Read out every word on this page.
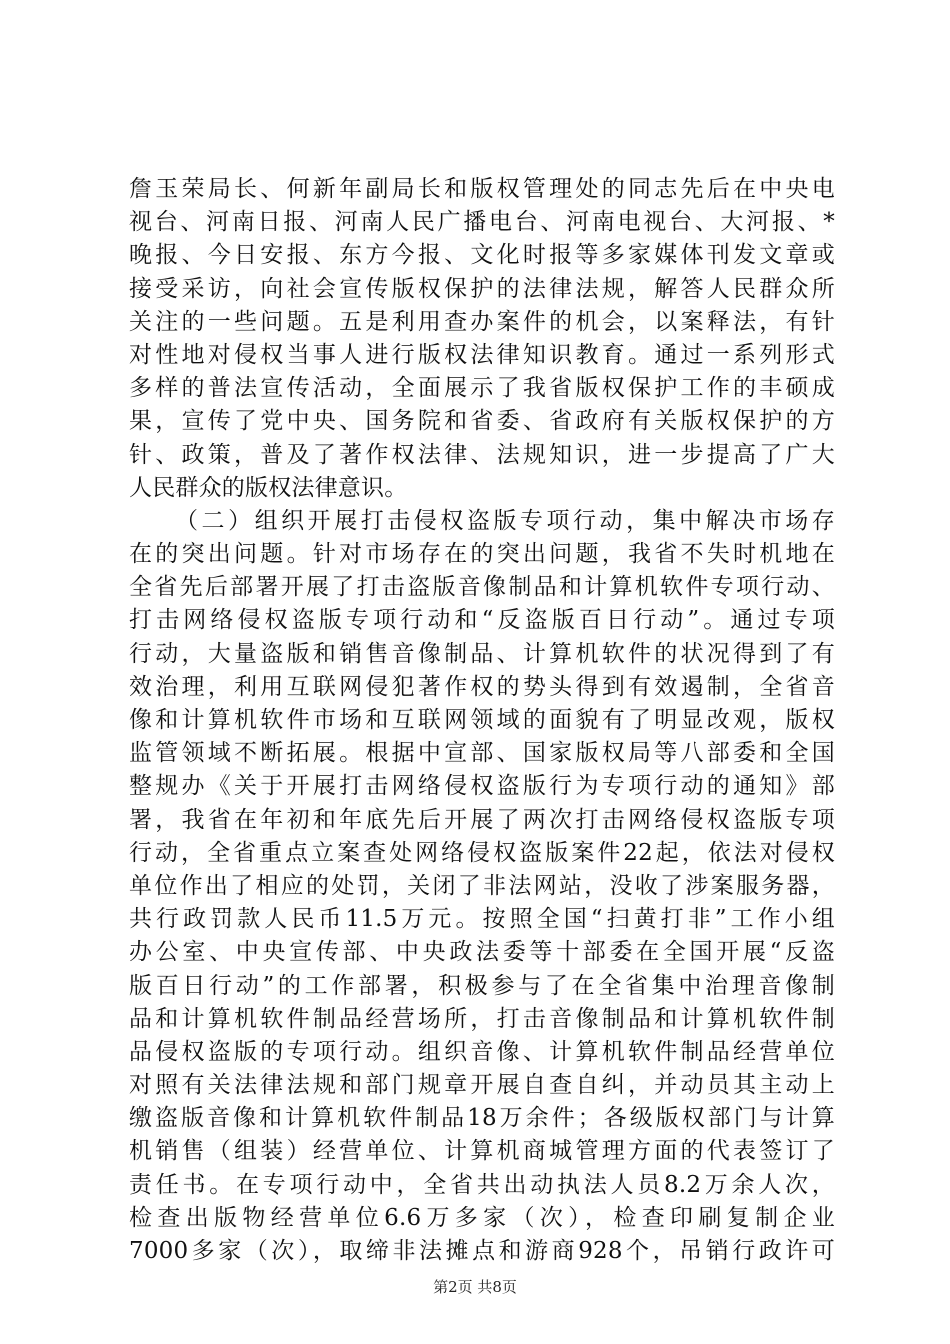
詹玉荣局长、何新年副局长和版权管理处的同志先后在中央电
视台、河南日报、河南人民广播电台、河南电视台、大河报、*
晚报、今日安报、东方今报、文化时报等多家媒体刊发文章或
接受采访，向社会宣传版权保护的法律法规，解答人民群众所
关注的一些问题。五是利用查办案件的机会，以案释法，有针
对性地对侵权当事人进行版权法律知识教育。通过一系列形式
多样的普法宣传活动，全面展示了我省版权保护工作的丰硕成
果，宣传了党中央、国务院和省委、省政府有关版权保护的方
针、政策，普及了著作权法律、法规知识，进一步提高了广大
人民群众的版权法律意识。
（二）组织开展打击侵权盗版专项行动，集中解决市场存
在的突出问题。针对市场存在的突出问题，我省不失时机地在
全省先后部署开展了打击盗版音像制品和计算机软件专项行动、
打击网络侵权盗版专项行动和“反盗版百日行动”。通过专项
行动，大量盗版和销售音像制品、计算机软件的状况得到了有
效治理，利用互联网侵犯著作权的势头得到有效遏制，全省音
像和计算机软件市场和互联网领域的面貌有了明显改观，版权
监管领域不断拓展。根据中宣部、国家版权局等八部委和全国
整规办《关于开展打击网络侵权盗版行为专项行动的通知》部
署，我省在年初和年底先后开展了两次打击网络侵权盗版专项
行动，全省重点立案查处网络侵权盗版案件22起，依法对侵权
单位作出了相应的处罚，关闭了非法网站，没收了涉案服务器，
共行政罚款人民币11.5万元。按照全国“扫黄打非”工作小组
办公室、中央宣传部、中央政法委等十部委在全国开展“反盗
版百日行动”的工作部署，积极参与了在全省集中治理音像制
品和计算机软件制品经营场所，打击音像制品和计算机软件制
品侵权盗版的专项行动。组织音像、计算机软件制品经营单位
对照有关法律法规和部门规章开展自查自纠，并动员其主动上
缴盗版音像和计算机软件制品18万余件；各级版权部门与计算
机销售（组装）经营单位、计算机商城管理方面的代表签订了
责任书。在专项行动中，全省共出动执法人员8.2万余人次，
检查出版物经营单位6.6万多家（次），检查印刷复制企业
7000多家（次），取缔非法摊点和游商928个，吊销行政许可
第2页 共8页
